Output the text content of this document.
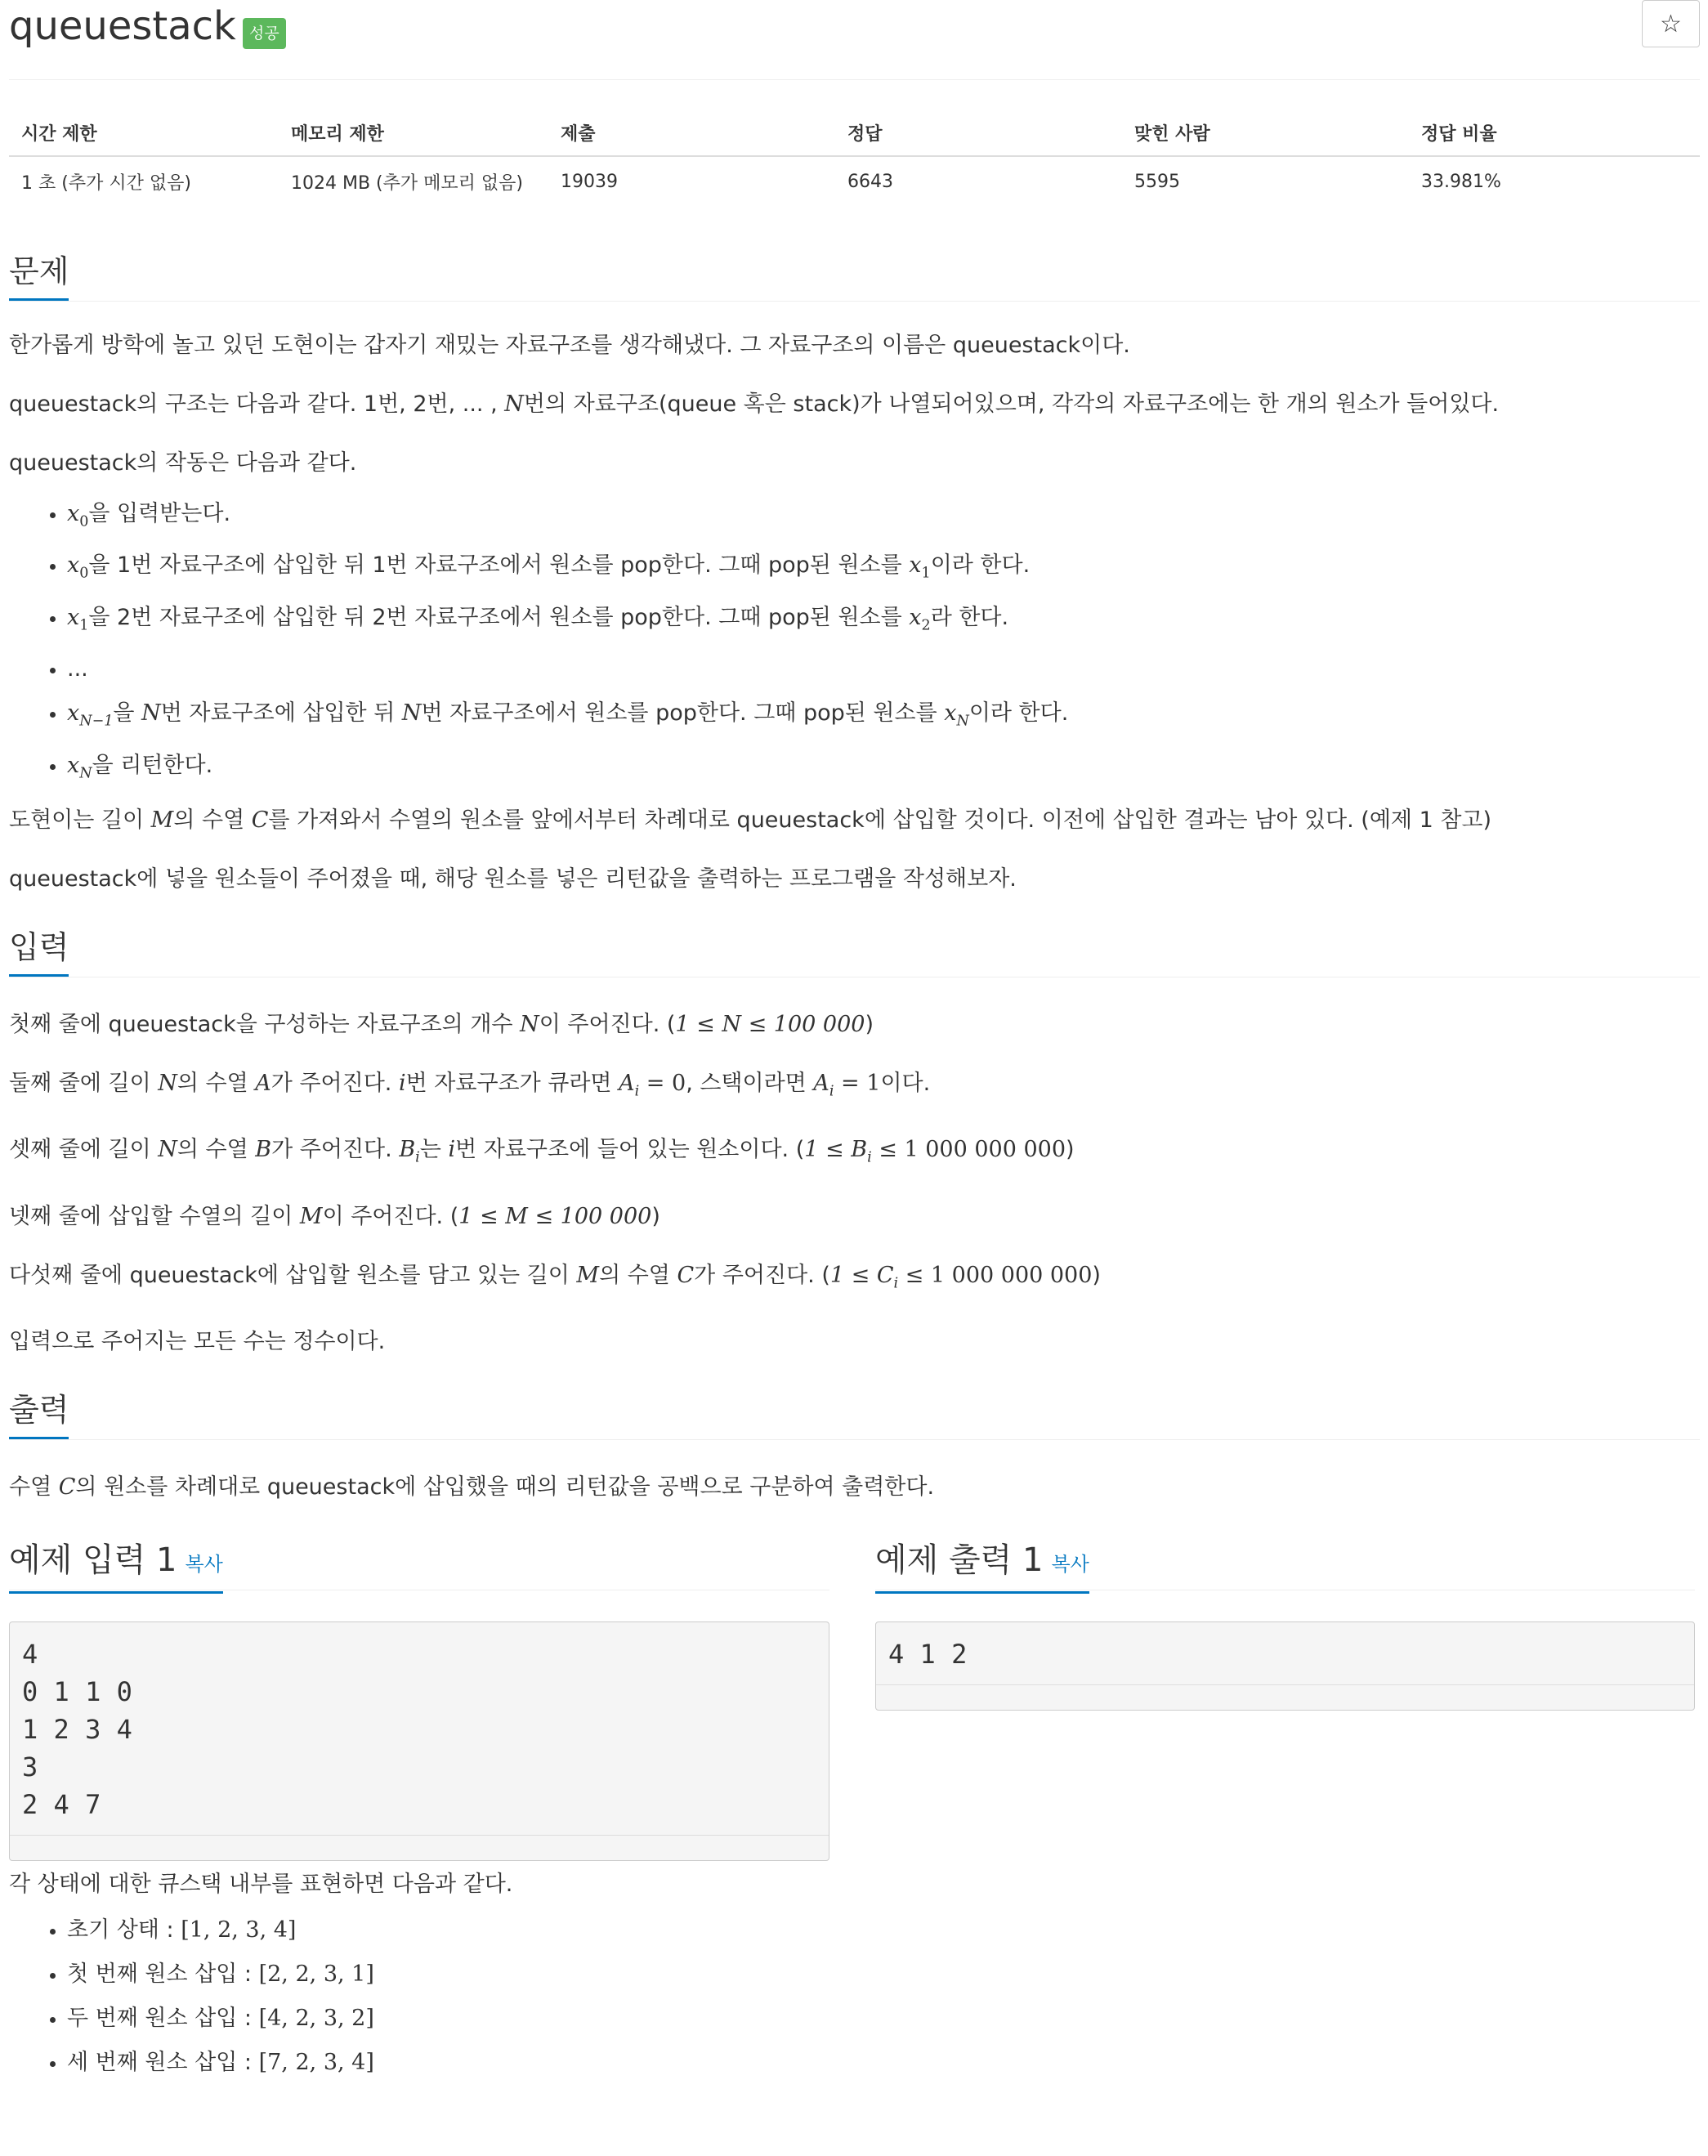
queuestack 성공	☆
시간 제한	메모리 제한	제출	정답	맞힌 사람	정답 비율
1 초 (추가 시간 없음)	1024 MB (추가 메모리 없음)	19039	6643	5595	33.981%
문제

한가롭게 방학에 놀고 있던 도현이는 갑자기 재밌는 자료구조를 생각해냈다. 그 자료구조의 이름은 queuestack이다.

queuestack의 구조는 다음과 같다. 1번, 2번, ... , N번의 자료구조(queue 혹은 stack)가 나열되어있으며, 각각의 자료구조에는 한 개의 원소가 들어있다.

queuestack의 작동은 다음과 같다.

• $x_0$을 입력받는다.
• $x_0$을 1번 자료구조에 삽입한 뒤 1번 자료구조에서 원소를 pop한다. 그때 pop된 원소를 $x_1$이라 한다.
• $x_1$을 2번 자료구조에 삽입한 뒤 2번 자료구조에서 원소를 pop한다. 그때 pop된 원소를 $x_2$라 한다.
• ...
• $x_{N-1}$을 N번 자료구조에 삽입한 뒤 N번 자료구조에서 원소를 pop한다. 그때 pop된 원소를 $x_N$이라 한다.
• $x_N$을 리턴한다.

도현이는 길이 M의 수열 C를 가져와서 수열의 원소를 앞에서부터 차례대로 queuestack에 삽입할 것이다. 이전에 삽입한 결과는 남아 있다. (예제 1 참고)

queuestack에 넣을 원소들이 주어졌을 때, 해당 원소를 넣은 리턴값을 출력하는 프로그램을 작성해보자.

입력

첫째 줄에 queuestack을 구성하는 자료구조의 개수 N이 주어진다. (1 ≤ N ≤ 100 000)

둘째 줄에 길이 N의 수열 A가 주어진다. i번 자료구조가 큐라면 $A_i = 0$, 스택이라면 $A_i = 1$이다.

셋째 줄에 길이 N의 수열 B가 주어진다. $B_i$는 i번 자료구조에 들어 있는 원소이다. ($1 \le B_i \le 1$ 000 000 000)

넷째 줄에 삽입할 수열의 길이 M이 주어진다. (1 ≤ M ≤ 100 000)

다섯째 줄에 queuestack에 삽입할 원소를 담고 있는 길이 M의 수열 C가 주어진다. ($1 \le C_i \le 1$ 000 000 000)

입력으로 주어지는 모든 수는 정수이다.

출력

수열 C의 원소를 차례대로 queuestack에 삽입했을 때의 리턴값을 공백으로 구분하여 출력한다.

예제 입력 1 복사
4
0 1 1 0
1 2 3 4
3
2 4 7
예제 출력 1 복사
4 1 2

각 상태에 대한 큐스택 내부를 표현하면 다음과 같다.

• 초기 상태 : [1, 2, 3, 4]
• 첫 번째 원소 삽입 : [2, 2, 3, 1]
• 두 번째 원소 삽입 : [4, 2, 3, 2]
• 세 번째 원소 삽입 : [7, 2, 3, 4]
